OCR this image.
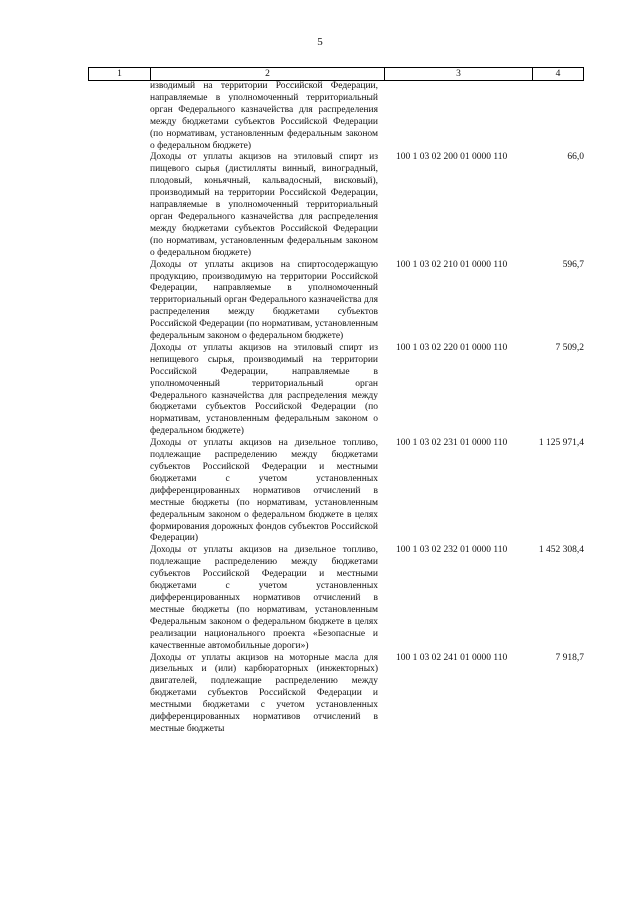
5
1	2	3	4
изводимый на территории Российской Федерации, направляемые в уполномоченный территориальный орган Федерального казначейства для распределения между бюджетами субъектов Российской Федерации (по нормативам, установленным федеральным законом о федеральном бюджете)
Доходы от уплаты акцизов на этиловый спирт из пищевого сырья (дистилляты винный, виноградный, плодовый, коньячный, кальвадосный, висковый), производимый на территории Российской Федерации, направляемые в уполномоченный территориальный орган Федерального казначейства для распределения между бюджетами субъектов Российской Федерации (по нормативам, установленным федеральным законом о федеральном бюджете)
100 1 03 02 200 01 0000 110	66,0
Доходы от уплаты акцизов на спиртосодержащую продукцию, производимую на территории Российской Федерации, направляемые в уполномоченный территориальный орган Федерального казначейства для распределения между бюджетами субъектов Российской Федерации (по нормативам, установленным федеральным законом о федеральном бюджете)
100 1 03 02 210 01 0000 110	596,7
Доходы от уплаты акцизов на этиловый спирт из непищевого сырья, производимый на территории Российской Федерации, направляемые в уполномоченный территориальный орган Федерального казначейства для распределения между бюджетами субъектов Российской Федерации (по нормативам, установленным федеральным законом о федеральном бюджете)
100 1 03 02 220 01 0000 110	7 509,2
Доходы от уплаты акцизов на дизельное топливо, подлежащие распределению между бюджетами субъектов Российской Федерации и местными бюджетами с учетом установленных дифференцированных нормативов отчислений в местные бюджеты (по нормативам, установленным федеральным законом о федеральном бюджете в целях формирования дорожных фондов субъектов Российской Федерации)
100 1 03 02 231 01 0000 110	1 125 971,4
Доходы от уплаты акцизов на дизельное топливо, подлежащие распределению между бюджетами субъектов Российской Федерации и местными бюджетами с учетом установленных дифференцированных нормативов отчислений в местные бюджеты (по нормативам, установленным Федеральным законом о федеральном бюджете в целях реализации национального проекта «Безопасные и качественные автомобильные дороги»)
100 1 03 02 232 01 0000 110	1 452 308,4
Доходы от уплаты акцизов на моторные масла для дизельных и (или) карбюраторных (инжекторных) двигателей, подлежащие распределению между бюджетами субъектов Российской Федерации и местными бюджетами с учетом установленных дифференцированных нормативов отчислений в местные бюджеты
100 1 03 02 241 01 0000 110	7 918,7
